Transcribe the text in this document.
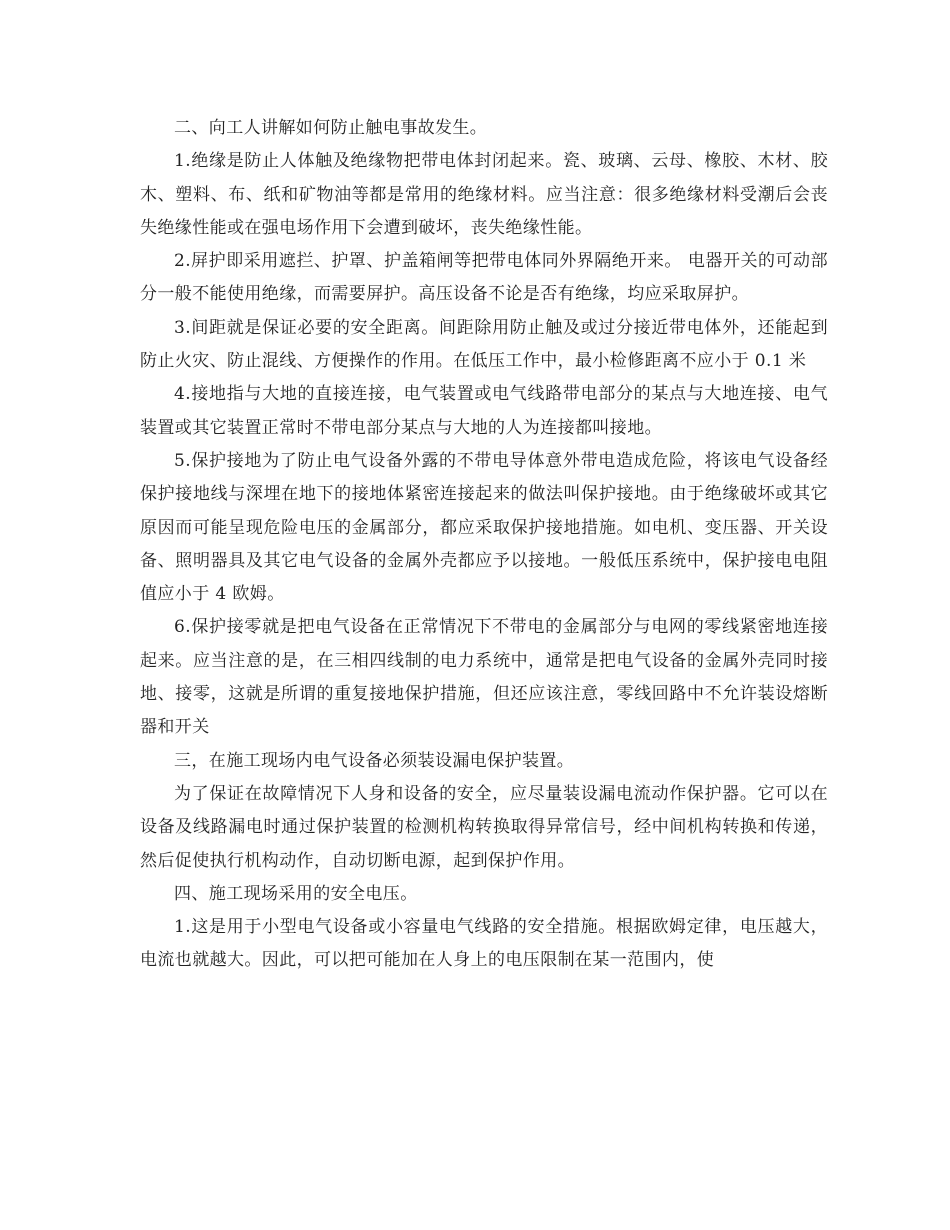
二、向工人讲解如何防止触电事故发生。

1.绝缘是防止人体触及绝缘物把带电体封闭起来。瓷、玻璃、云母、橡胶、木材、胶木、塑料、布、纸和矿物油等都是常用的绝缘材料。应当注意：很多绝缘材料受潮后会丧失绝缘性能或在强电场作用下会遭到破坏，丧失绝缘性能。

2.屏护即采用遮拦、护罩、护盖箱闸等把带电体同外界隔绝开来。 电器开关的可动部分一般不能使用绝缘，而需要屏护。高压设备不论是否有绝缘，均应采取屏护。

3.间距就是保证必要的安全距离。间距除用防止触及或过分接近带电体外，还能起到防止火灾、防止混线、方便操作的作用。在低压工作中，最小检修距离不应小于 0.1 米

4.接地指与大地的直接连接，电气装置或电气线路带电部分的某点与大地连接、电气装置或其它装置正常时不带电部分某点与大地的人为连接都叫接地。

5.保护接地为了防止电气设备外露的不带电导体意外带电造成危险，将该电气设备经保护接地线与深埋在地下的接地体紧密连接起来的做法叫保护接地。由于绝缘破坏或其它原因而可能呈现危险电压的金属部分，都应采取保护接地措施。如电机、变压器、开关设备、照明器具及其它电气设备的金属外壳都应予以接地。一般低压系统中，保护接电电阻值应小于 4 欧姆。

6.保护接零就是把电气设备在正常情况下不带电的金属部分与电网的零线紧密地连接起来。应当注意的是，在三相四线制的电力系统中，通常是把电气设备的金属外壳同时接地、接零，这就是所谓的重复接地保护措施，但还应该注意，零线回路中不允许装设熔断器和开关

三，在施工现场内电气设备必须装设漏电保护装置。

为了保证在故障情况下人身和设备的安全，应尽量装设漏电流动作保护器。它可以在设备及线路漏电时通过保护装置的检测机构转换取得异常信号，经中间机构转换和传递，然后促使执行机构动作，自动切断电源，起到保护作用。

四、施工现场采用的安全电压。

1.这是用于小型电气设备或小容量电气线路的安全措施。根据欧姆定律，电压越大，电流也就越大。因此，可以把可能加在人身上的电压限制在某一范围内，使
